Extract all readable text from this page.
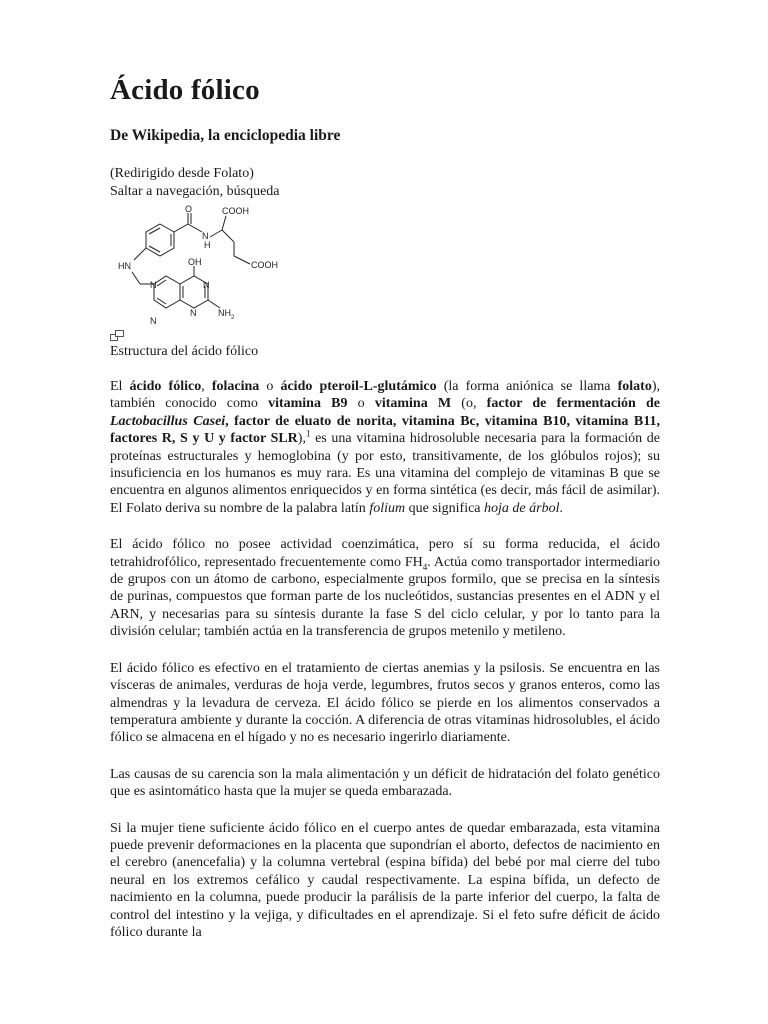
Ácido fólico
De Wikipedia, la enciclopedia libre
(Redirigido desde Folato)
Saltar a navegación, búsqueda
O	COOH
N
H
COOH
HN	OH
N
N
N
N $NH_2$
Estructura del ácido fólico

El ácido fólico, folacina o ácido pteroil-L-glutámico (la forma aniónica se llama folato), también conocido como vitamina B9 o vitamina M (o, factor de fermentación de Lactobacillus Casei, factor de eluato de norita, vitamina Bc, vitamina B10, vitamina B11, factores R, S y U y factor SLR),$^1$ es una vitamina hidrosoluble necesaria para la formación de proteínas estructurales y hemoglobina (y por esto, transitivamente, de los glóbulos rojos); su insuficiencia en los humanos es muy rara. Es una vitamina del complejo de vitaminas B que se encuentra en algunos alimentos enriquecidos y en forma sintética (es decir, más fácil de asimilar). El Folato deriva su nombre de la palabra latín folium que significa hoja de árbol.

El ácido fólico no posee actividad coenzimática, pero sí su forma reducida, el ácido tetrahidrofólico, representado frecuentemente como $FH_4$. Actúa como transportador intermediario de grupos con un átomo de carbono, especialmente grupos formilo, que se precisa en la síntesis de purinas, compuestos que forman parte de los nucleótidos, sustancias presentes en el ADN y el ARN, y necesarias para su síntesis durante la fase S del ciclo celular, y por lo tanto para la división celular; también actúa en la transferencia de grupos metenilo y metileno.

El ácido fólico es efectivo en el tratamiento de ciertas anemias y la psilosis. Se encuentra en las vísceras de animales, verduras de hoja verde, legumbres, frutos secos y granos enteros, como las almendras y la levadura de cerveza. El ácido fólico se pierde en los alimentos conservados a temperatura ambiente y durante la cocción. A diferencia de otras vitaminas hidrosolubles, el ácido fólico se almacena en el hígado y no es necesario ingerirlo diariamente.

Las causas de su carencia son la mala alimentación y un déficit de hidratación del folato genético que es asintomático hasta que la mujer se queda embarazada.

Si la mujer tiene suficiente ácido fólico en el cuerpo antes de quedar embarazada, esta vitamina puede prevenir deformaciones en la placenta que supondrían el aborto, defectos de nacimiento en el cerebro (anencefalia) y la columna vertebral (espina bífida) del bebé por mal cierre del tubo neural en los extremos cefálico y caudal respectivamente. La espina bífida, un defecto de nacimiento en la columna, puede producir la parálisis de la parte inferior del cuerpo, la falta de control del intestino y la vejiga, y dificultades en el aprendizaje. Si el feto sufre déficit de ácido fólico durante la
